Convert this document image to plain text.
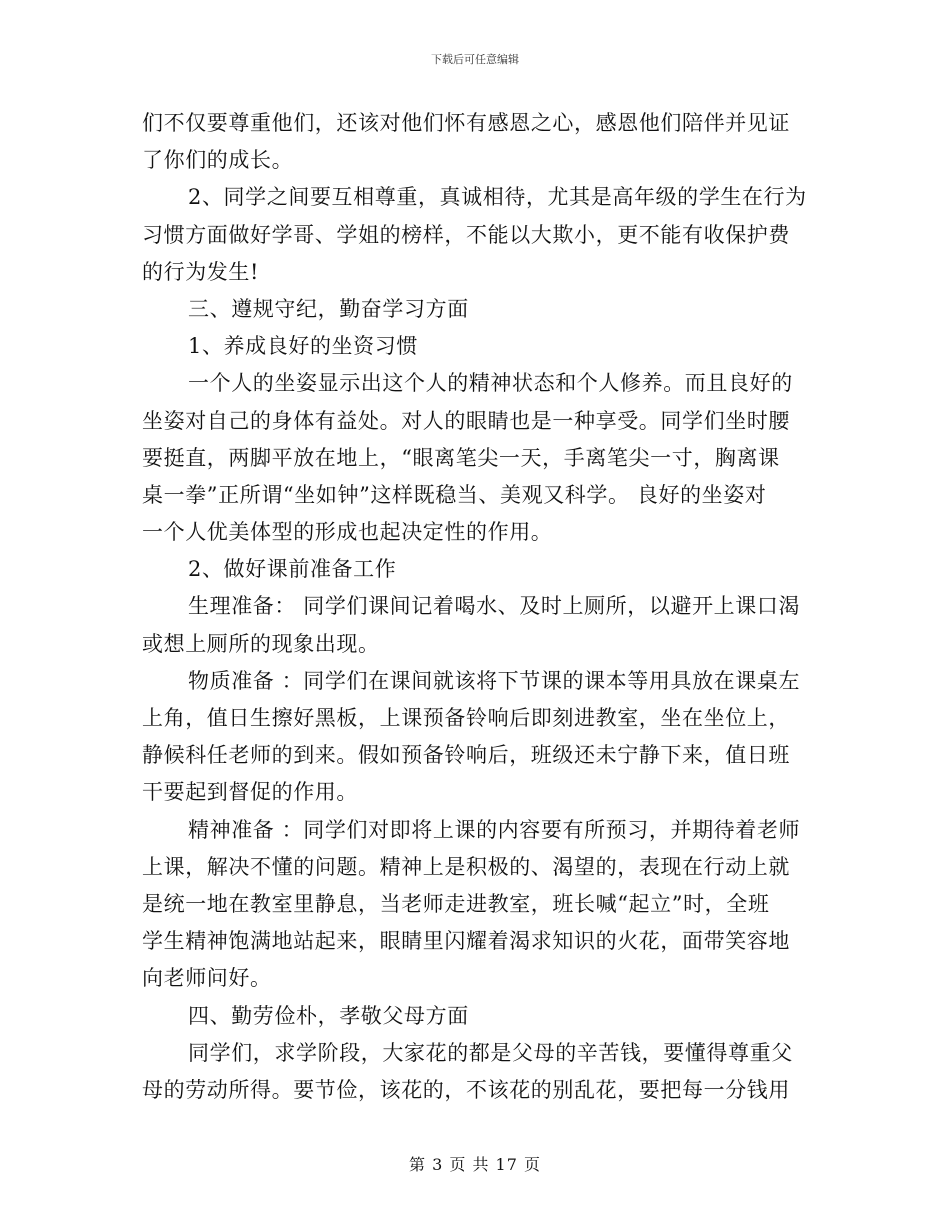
下载后可任意编辑
们不仅要尊重他们，还该对他们怀有感恩之心，感恩他们陪伴并见证
了你们的成长。
2、同学之间要互相尊重，真诚相待，尤其是高年级的学生在行为
习惯方面做好学哥、学姐的榜样，不能以大欺小，更不能有收保护费
的行为发生!
三、遵规守纪，勤奋学习方面
1、养成良好的坐资习惯
一个人的坐姿显示出这个人的精神状态和个人修养。而且良好的
坐姿对自己的身体有益处。对人的眼睛也是一种享受。同学们坐时腰
要挺直，两脚平放在地上，“眼离笔尖一天，手离笔尖一寸，胸离课
桌一拳”正所谓“坐如钟”这样既稳当、美观又科学。 良好的坐姿对
一个人优美体型的形成也起决定性的作用。
2、做好课前准备工作
生理准备： 同学们课间记着喝水、及时上厕所，以避开上课口渴
或想上厕所的现象出现。
物质准备 ：同学们在课间就该将下节课的课本等用具放在课桌左
上角，值日生擦好黑板，上课预备铃响后即刻进教室，坐在坐位上，
静候科任老师的到来。假如预备铃响后，班级还未宁静下来，值日班
干要起到督促的作用。
精神准备 ：同学们对即将上课的内容要有所预习，并期待着老师
上课，解决不懂的问题。精神上是积极的、渴望的，表现在行动上就
是统一地在教室里静息，当老师走进教室，班长喊“起立”时，全班
学生精神饱满地站起来，眼睛里闪耀着渴求知识的火花，面带笑容地
向老师问好。
四、勤劳俭朴，孝敬父母方面
同学们，求学阶段，大家花的都是父母的辛苦钱，要懂得尊重父
母的劳动所得。要节俭，该花的，不该花的别乱花，要把每一分钱用
第 3 页 共 17 页
